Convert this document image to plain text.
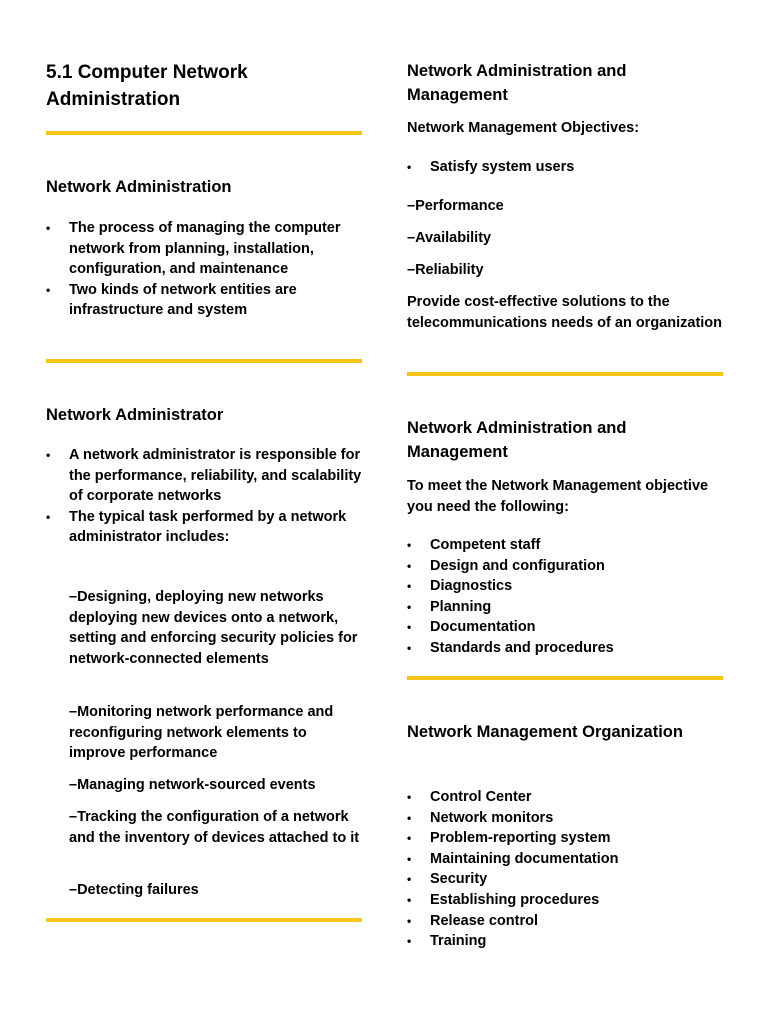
5.1 Computer Network Administration
Network Administration
• The process of managing the computer network from planning, installation, configuration, and maintenance
• Two kinds of network entities are infrastructure and system
Network Administrator
• A network administrator is responsible for the performance, reliability, and scalability of corporate networks
• The typical task performed by a network administrator includes:

–Designing, deploying new networks deploying new devices onto a network, setting and enforcing security policies for network-connected elements

–Monitoring network performance and reconfiguring network elements to improve performance

–Managing network-sourced events

–Tracking the configuration of a network and the inventory of devices attached to it

–Detecting failures

Network Administration and Management

Network Management Objectives:

• Satisfy system users

–Performance

–Availability

–Reliability

Provide cost-effective solutions to the telecommunications needs of an organization

Network Administration and Management

To meet the Network Management objective you need the following:

• Competent staff
• Design and configuration
• Diagnostics
• Planning
• Documentation
• Standards and procedures
Network Management Organization
• Control Center
• Network monitors
• Problem-reporting system
• Maintaining documentation
• Security
• Establishing procedures
• Release control
• Training
